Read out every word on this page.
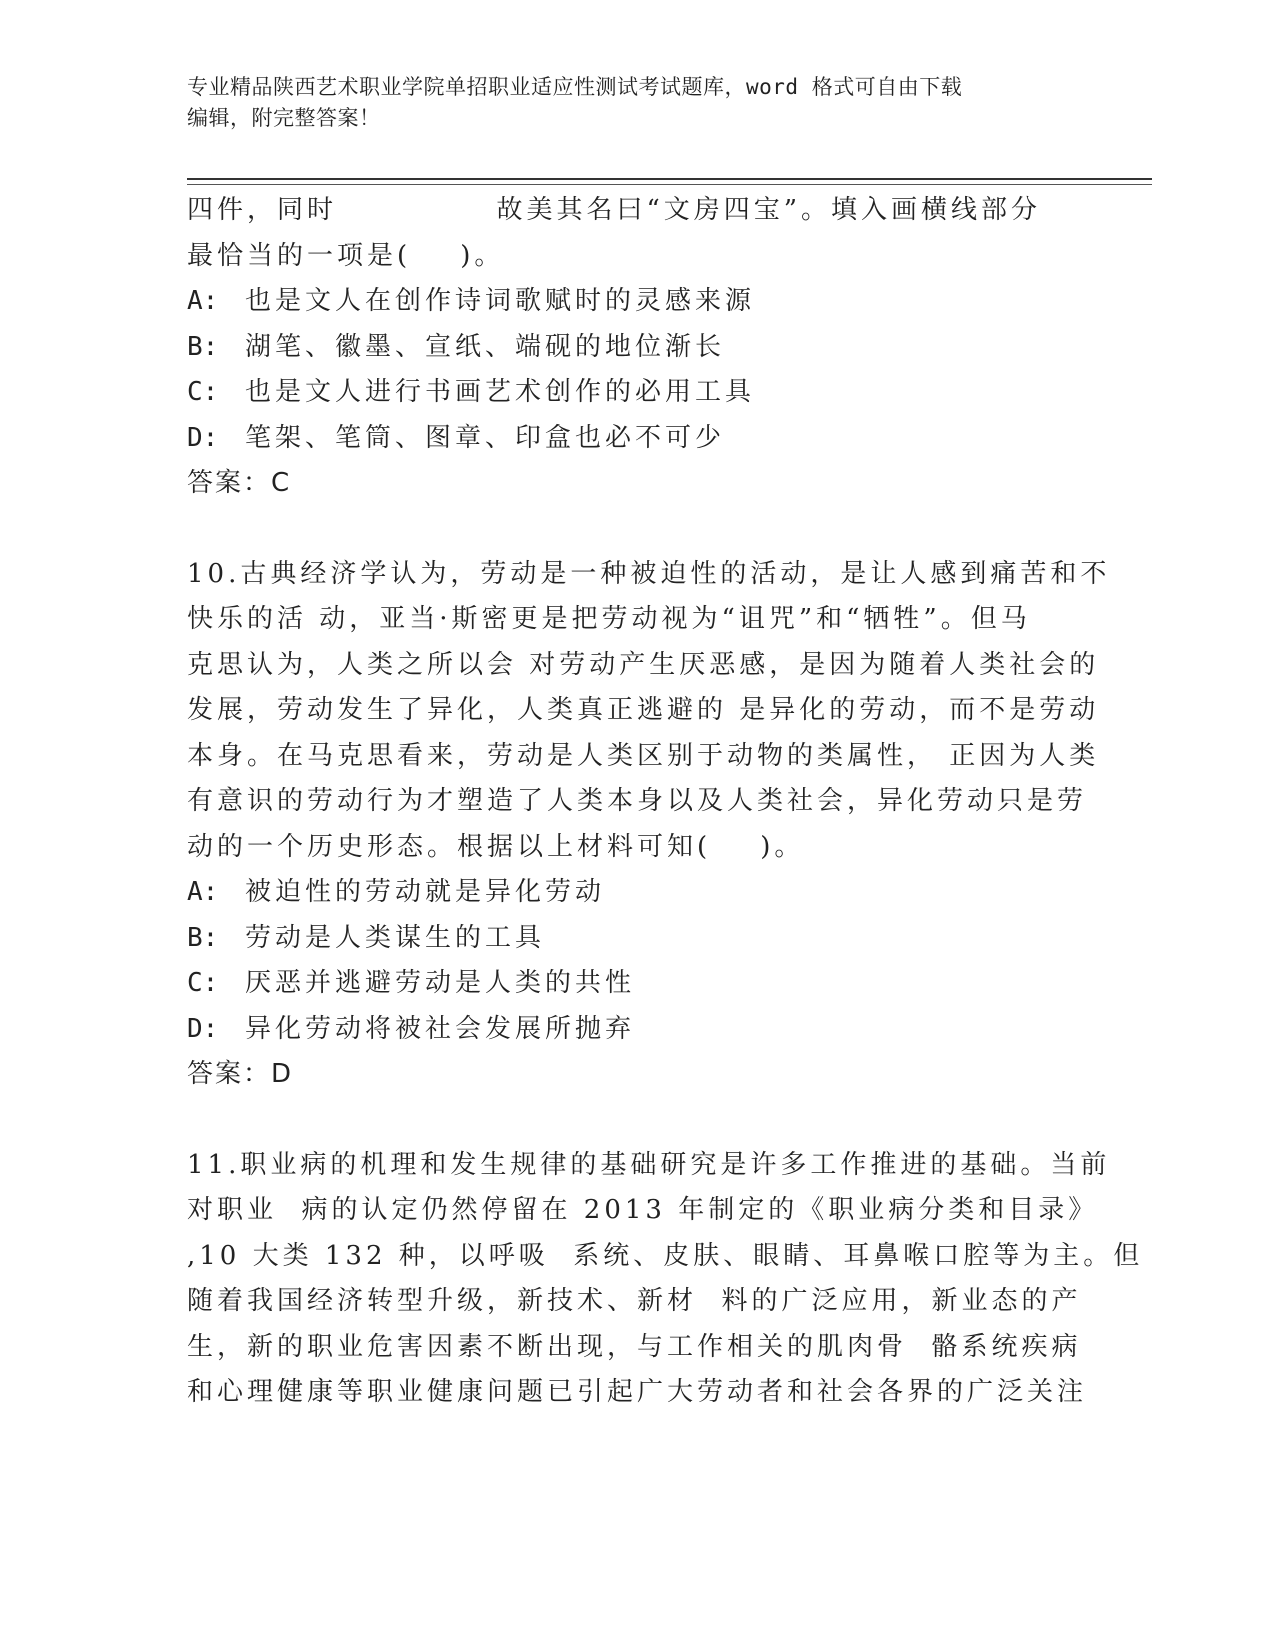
专业精品陕西艺术职业学院单招职业适应性测试考试题库，word 格式可自由下载
编辑，附完整答案！
四件，同时             故美其名曰“文房四宝”。填入画横线部分
最恰当的一项是(    )。
A: 也是文人在创作诗词歌赋时的灵感来源
B: 湖笔、徽墨、宣纸、端砚的地位渐长
C: 也是文人进行书画艺术创作的必用工具
D: 笔架、笔筒、图章、印盒也必不可少
答案：C
10.古典经济学认为，劳动是一种被迫性的活动，是让人感到痛苦和不
快乐的活 动，亚当·斯密更是把劳动视为“诅咒”和“牺牲”。但马
克思认为，人类之所以会 对劳动产生厌恶感，是因为随着人类社会的
发展，劳动发生了异化，人类真正逃避的 是异化的劳动，而不是劳动
本身。在马克思看来，劳动是人类区别于动物的类属性， 正因为人类
有意识的劳动行为才塑造了人类本身以及人类社会，异化劳动只是劳
动的一个历史形态。根据以上材料可知(    )。
A: 被迫性的劳动就是异化劳动
B: 劳动是人类谋生的工具
C: 厌恶并逃避劳动是人类的共性
D: 异化劳动将被社会发展所抛弃
答案：D
11.职业病的机理和发生规律的基础研究是许多工作推进的基础。当前
对职业  病的认定仍然停留在 2013 年制定的《职业病分类和目录》
,10 大类 132 种，以呼吸  系统、皮肤、眼睛、耳鼻喉口腔等为主。但
随着我国经济转型升级，新技术、新材  料的广泛应用，新业态的产
生，新的职业危害因素不断出现，与工作相关的肌肉骨  骼系统疾病
和心理健康等职业健康问题已引起广大劳动者和社会各界的广泛关注
